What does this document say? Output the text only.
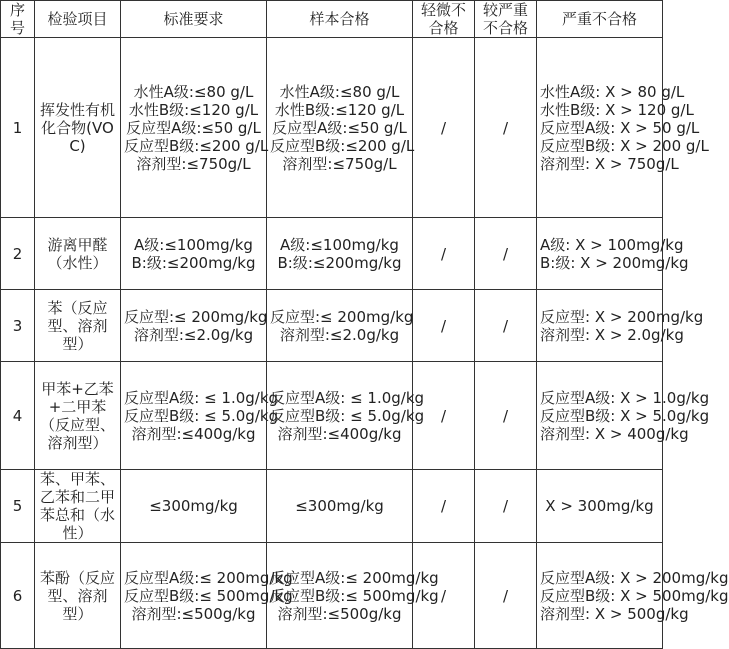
序号	检验项目	标准要求	样本合格	轻微不合格	较严重不合格	严重不合格
1	挥发性有机化合物(VOC)	水性A级:≤80 g/L
水性B级:≤120 g/L
反应型A级:≤50 g/L
反应型B级:≤200 g/L
溶剂型:≤750g/L	水性A级:≤80 g/L
水性B级:≤120 g/L
反应型A级:≤50 g/L
反应型B级:≤200 g/L
溶剂型:≤750g/L	/	/	水性A级: X > 80 g/L
水性B级: X > 120 g/L
反应型A级: X > 50 g/L
反应型B级: X > 200 g/L
溶剂型: X > 750g/L

2	游离甲醛（水性）	A级:≤100mg/kg
B:级:≤200mg/kg	A级:≤100mg/kg
B:级:≤200mg/kg	/	/	A级: X > 100mg/kg
B:级: X > 200mg/kg

3	苯（反应型、溶剂型）	反应型:≤ 200mg/kg
溶剂型:≤2.0g/kg	反应型:≤ 200mg/kg
溶剂型:≤2.0g/kg	/	/	反应型: X > 200mg/kg
溶剂型: X > 2.0g/kg

4	甲苯+乙苯+二甲苯（反应型、溶剂型）	反应型A级: ≤ 1.0g/kg
反应型B级: ≤ 5.0g/kg
溶剂型:≤400g/kg	反应型A级: ≤ 1.0g/kg
反应型B级: ≤ 5.0g/kg
溶剂型:≤400g/kg	/	/	反应型A级: X > 1.0g/kg
反应型B级: X > 5.0g/kg
溶剂型: X > 400g/kg

5	苯、甲苯、乙苯和二甲苯总和（水性）	≤300mg/kg	≤300mg/kg	/	/	X > 300mg/kg

6	苯酚（反应型、溶剂型）	反应型A级:≤ 200mg/kg
反应型B级:≤ 500mg/kg
溶剂型:≤500g/kg	反应型A级:≤ 200mg/kg
反应型B级:≤ 500mg/kg
溶剂型:≤500g/kg	/	/	反应型A级: X > 200mg/kg
反应型B级: X > 500mg/kg
溶剂型: X > 500g/kg
